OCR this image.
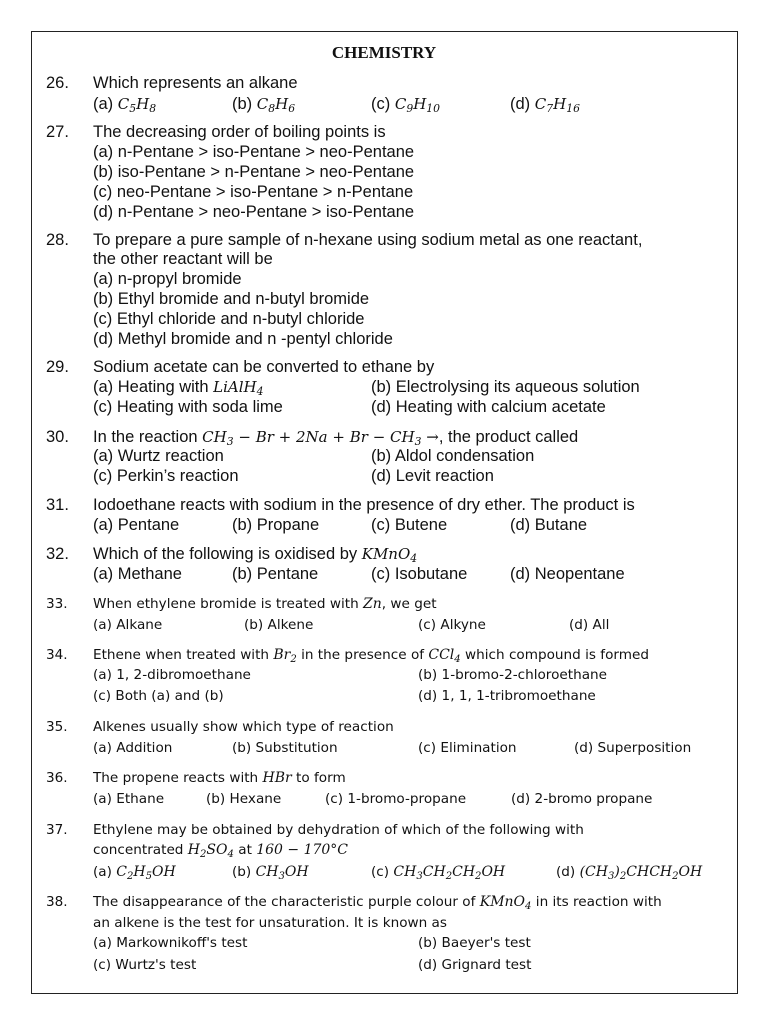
CHEMISTRY
26. Which represents an alkane
(a) $C_5H_8$	(b) $C_8H_6$	(c) $C_9H_{10}$	(d) $C_7H_{16}$
27. The decreasing order of boiling points is
(a) n-Pentane > iso-Pentane > neo-Pentane
(b) iso-Pentane > n-Pentane > neo-Pentane
(c) neo-Pentane > iso-Pentane > n-Pentane
(d) n-Pentane > neo-Pentane > iso-Pentane
28. To prepare a pure sample of n-hexane using sodium metal as one reactant,
the other reactant will be
(a) n-propyl bromide
(b) Ethyl bromide and n-butyl bromide
(c) Ethyl chloride and n-butyl chloride
(d) Methyl bromide and n -pentyl chloride
29. Sodium acetate can be converted to ethane by
(a) Heating with LiAlH$_4$	(b) Electrolysing its aqueous solution
(c) Heating with soda lime	(d) Heating with calcium acetate
30. In the reaction $CH_3 - Br + 2Na + Br - CH_3$ →, the product called
(a) Wurtz reaction	(b) Aldol condensation
(c) Perkin’s reaction	(d) Levit reaction
31. Iodoethane reacts with sodium in the presence of dry ether. The product is
(a) Pentane	(b) Propane	(c) Butene	(d) Butane
32. Which of the following is oxidised by KMnO$_4$
(a) Methane	(b) Pentane	(c) Isobutane	(d) Neopentane
33. When ethylene bromide is treated with Zn, we get
(a) Alkane	(b) Alkene	(c) Alkyne	(d) All
34. Ethene when treated with $Br_2$ in the presence of CCl$_4$ which compound is formed
(a) 1, 2-dibromoethane	(b) 1-bromo-2-chloroethane
(c) Both (a) and (b)	(d) 1, 1, 1-tribromoethane
35. Alkenes usually show which type of reaction
(a) Addition	(b) Substitution	(c) Elimination	(d) Superposition
36. The propene reacts with HBr to form
(a) Ethane	(b) Hexane	(c) 1-bromo-propane	(d) 2-bromo propane
37. Ethylene may be obtained by dehydration of which of the following with
concentrated $H_2SO_4$ at 160 − 170°C
(a) $C_2H_5OH$	(b) $CH_3OH$	(c) $CH_3CH_2CH_2OH$	(d) $(CH_3)_2CHCH_2OH$
38. The disappearance of the characteristic purple colour of KMnO$_4$ in its reaction with
an alkene is the test for unsaturation. It is known as
(a) Markownikoff's test	(b) Baeyer's test
(c) Wurtz's test	(d) Grignard test
